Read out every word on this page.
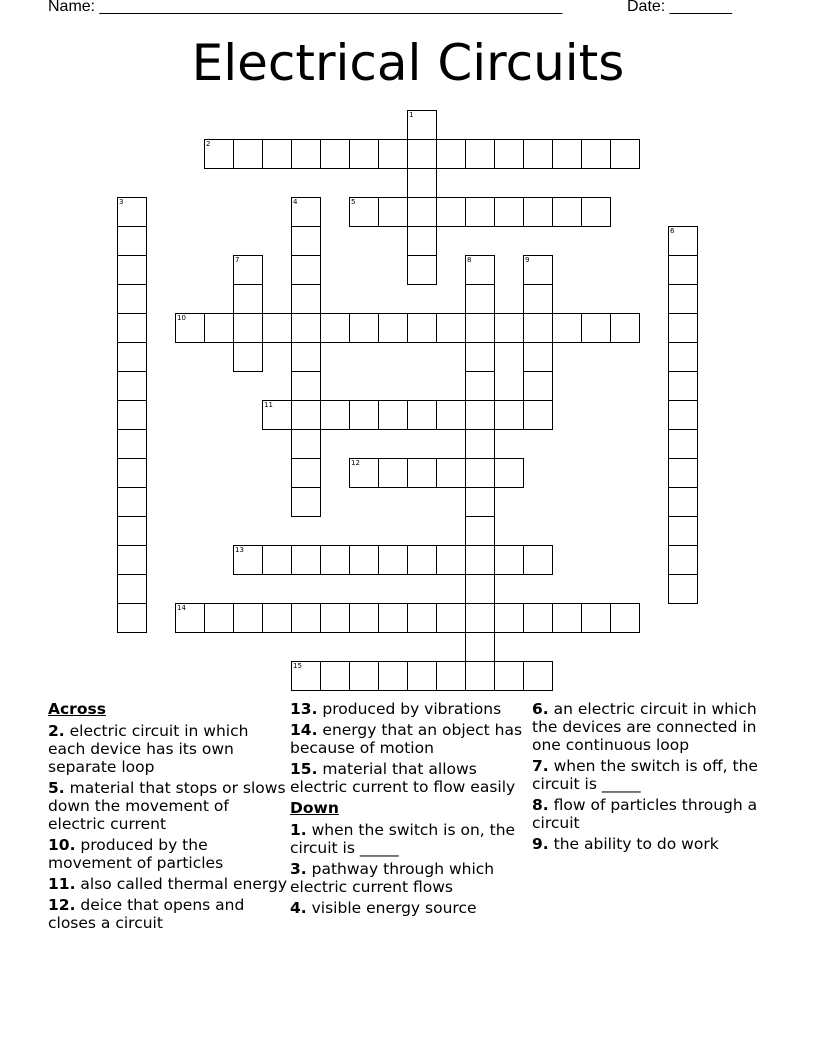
Name: ____________________________________________________	Date: _______
Electrical Circuits
1
2
3	4	5
6
7	8	9
10
11
12
13
14
15
Across
2. electric circuit in which each device has its own separate loop
5. material that stops or slows down the movement of electric current
10. produced by the movement of particles
11. also called thermal energy
12. deice that opens and closes a circuit
13. produced by vibrations
14. energy that an object has because of motion
15. material that allows electric current to flow easily
Down
1. when the switch is on, the circuit is _____
3. pathway through which electric current flows
4. visible energy source
6. an electric circuit in which the devices are connected in one continuous loop
7. when the switch is off, the circuit is _____
8. flow of particles through a circuit
9. the ability to do work
